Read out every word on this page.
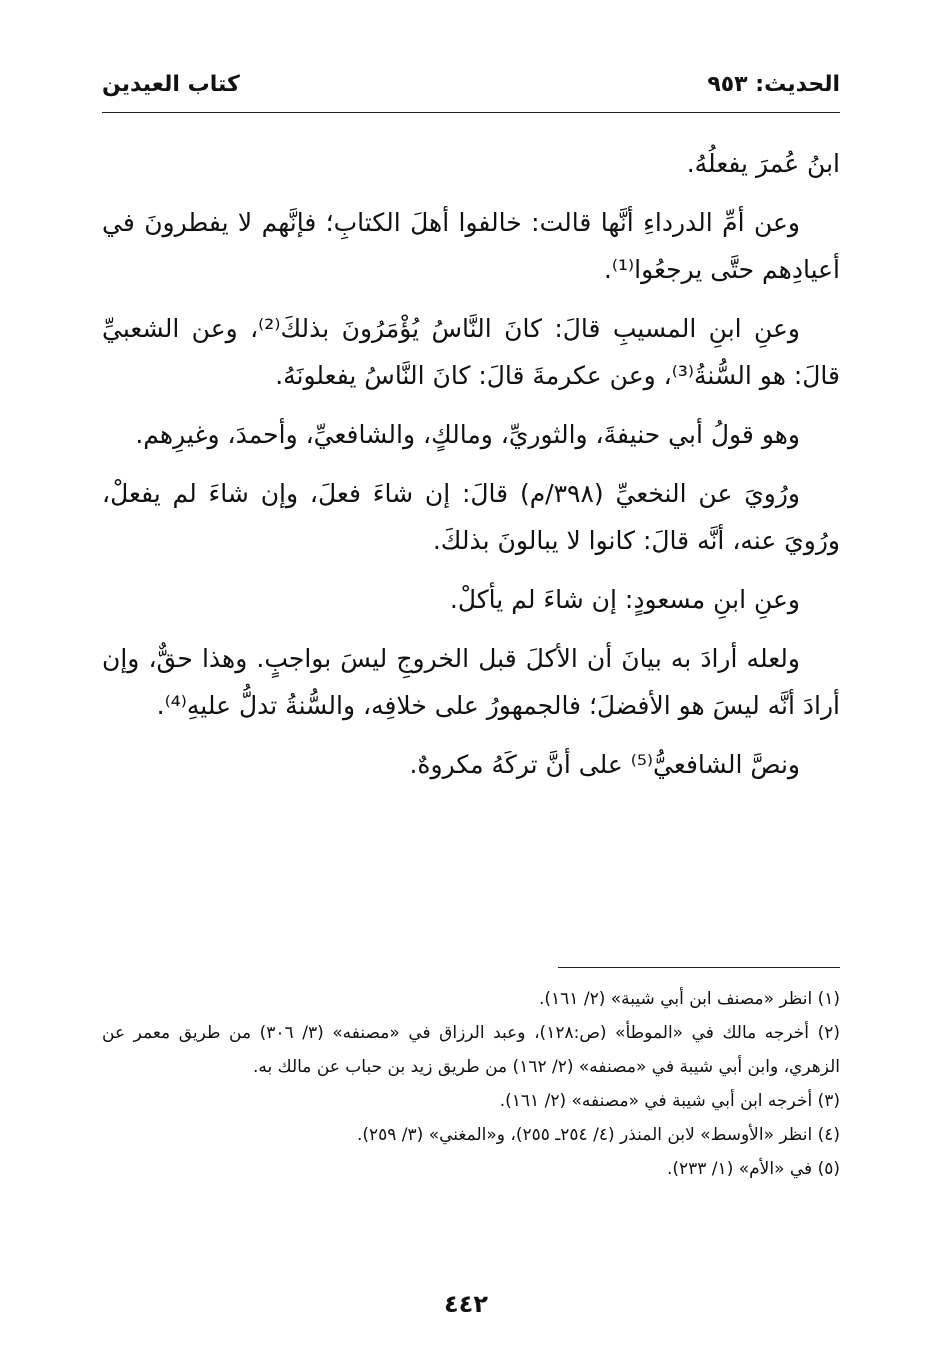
الحديث: ٩٥٣
كتاب العيدين

ابنُ عُمرَ يفعلُهُ.

وعن أمِّ الدرداءِ أنَّها قالت: خالفوا أهلَ الكتابِ؛ فإنَّهم لا يفطرونَ في أعيادِهم حتَّى يرجعُوا⁽¹⁾.

وعنِ ابنِ المسيبِ قالَ: كانَ النَّاسُ يُؤْمَرُونَ بذلكَ⁽²⁾، وعن الشعبيِّ قالَ: هو السُّنةُ⁽³⁾، وعن عكرمةَ قالَ: كانَ النَّاسُ يفعلونَهُ.

وهو قولُ أبي حنيفةَ، والثوريِّ، ومالكٍ، والشافعيِّ، وأحمدَ، وغيرِهم.

ورُويَ عن النخعيِّ (٣٩٨/م) قالَ: إن شاءَ فعلَ، وإن شاءَ لم يفعلْ، ورُويَ عنه، أنَّه قالَ: كانوا لا يبالونَ بذلكَ.

وعنِ ابنِ مسعودٍ: إن شاءَ لم يأكلْ.

ولعله أرادَ به بيانَ أن الأكلَ قبل الخروجِ ليسَ بواجبٍ. وهذا حقٌّ، وإن أرادَ أنَّه ليسَ هو الأفضلَ؛ فالجمهورُ على خلافِه، والسُّنةُ تدلُّ عليهِ⁽⁴⁾.

ونصَّ الشافعيُّ⁽⁵⁾ على أنَّ تركَهُ مكروهٌ.

(١) انظر «مصنف ابن أبي شيبة» (٢/ ١٦١).

(٢) أخرجه مالك في «الموطأ» (ص:١٢٨)، وعبد الرزاق في «مصنفه» (٣/ ٣٠٦) من طريق معمر عن الزهري، وابن أبي شيبة في «مصنفه» (٢/ ١٦٢) من طريق زيد بن حباب عن مالك به.

(٣) أخرجه ابن أبي شيبة في «مصنفه» (٢/ ١٦١).

(٤) انظر «الأوسط» لابن المنذر (٤/ ٢٥٤ـ ٢٥٥)، و«المغني» (٣/ ٢٥٩).

(٥) في «الأم» (١/ ٢٣٣).

٤٤٢
